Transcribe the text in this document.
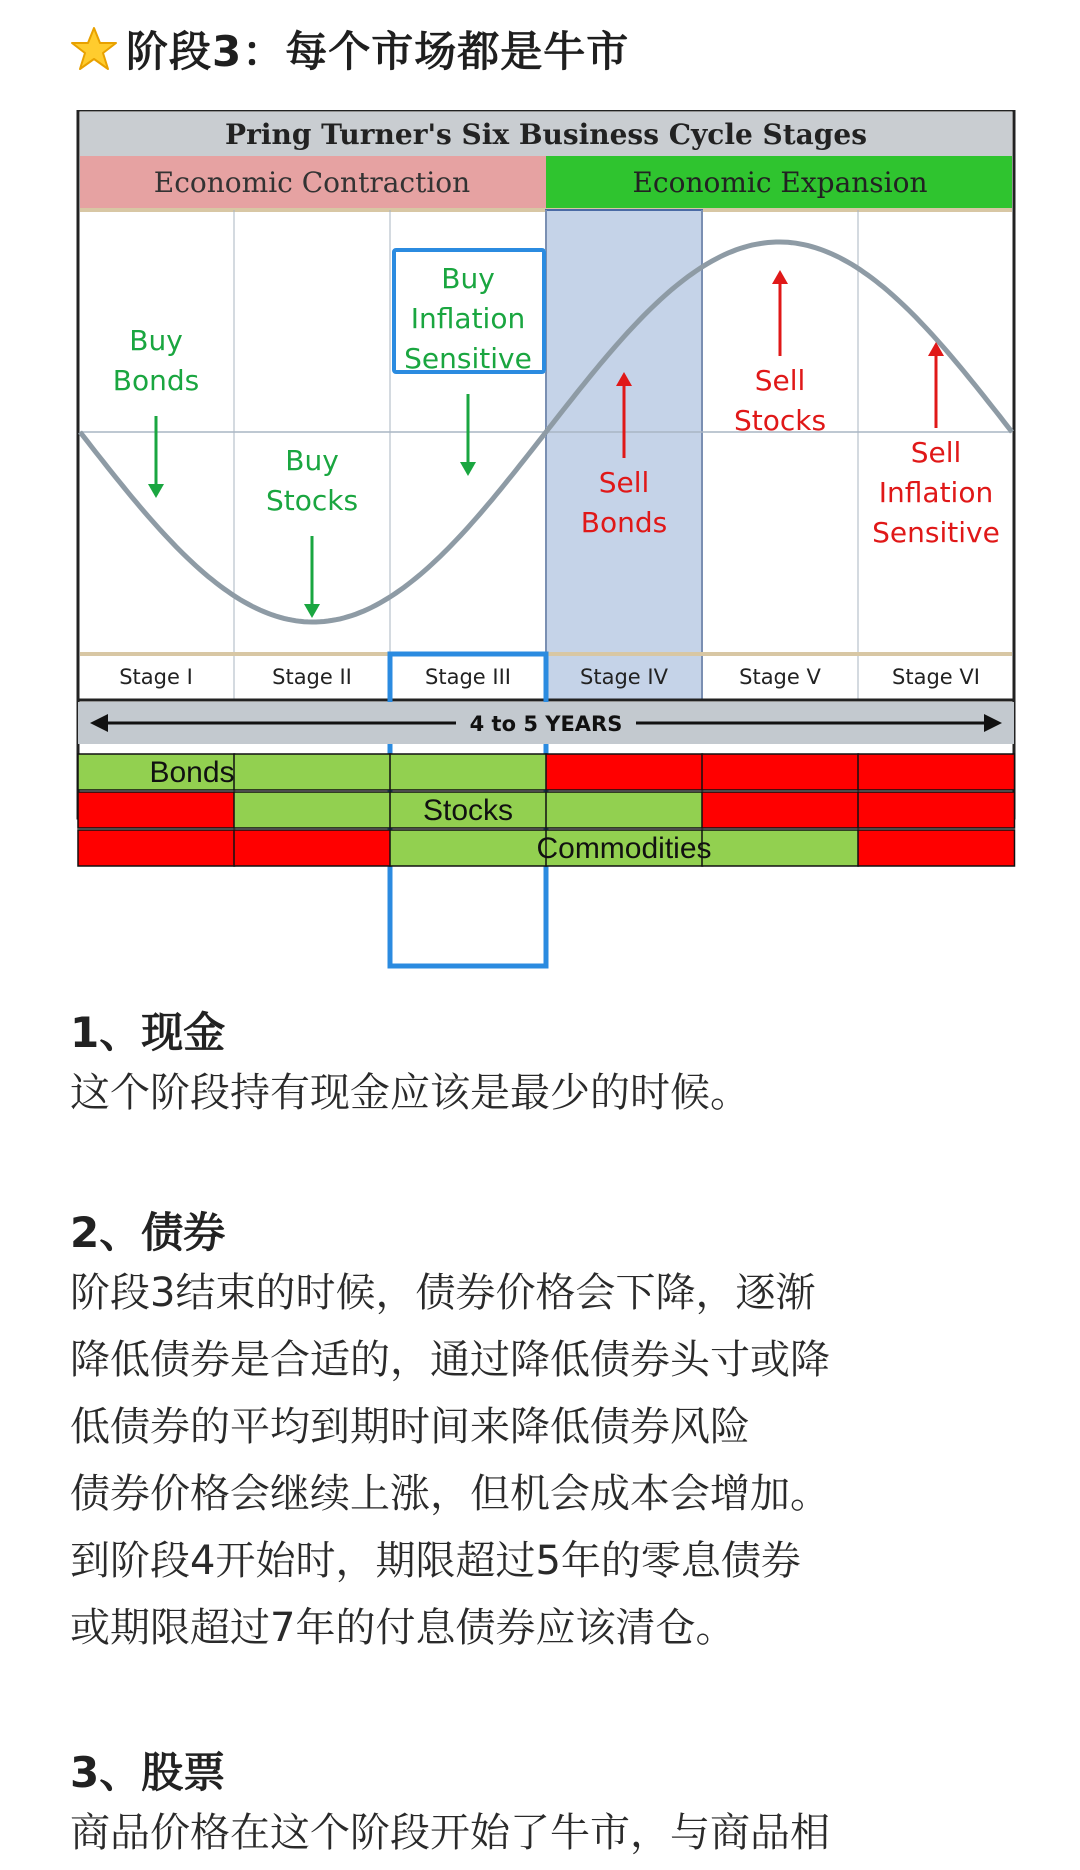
阶段3：每个市场都是牛市
Pring Turner's Six Business Cycle Stages
Economic Contraction	Economic Expansion
Stage I	Stage II	Stage III	Stage IV	Stage V	Stage VI
Buy
Bonds
Buy
Stocks
Buy
Inflation
Sensitive
Sell
Bonds
Sell
Stocks
Sell
Inflation
Sensitive
4 to 5 YEARS
Bonds
Stocks
Commodities
1、现金

这个阶段持有现金应该是最少的时候。

2、债券

阶段3结束的时候，债券价格会下降，逐渐

降低债券是合适的，通过降低债券头寸或降

低债券的平均到期时间来降低债券风险

债券价格会继续上涨，但机会成本会增加。

到阶段4开始时，期限超过5年的零息债券

或期限超过7年的付息债券应该清仓。

3、股票

商品价格在这个阶段开始了牛市，与商品相
